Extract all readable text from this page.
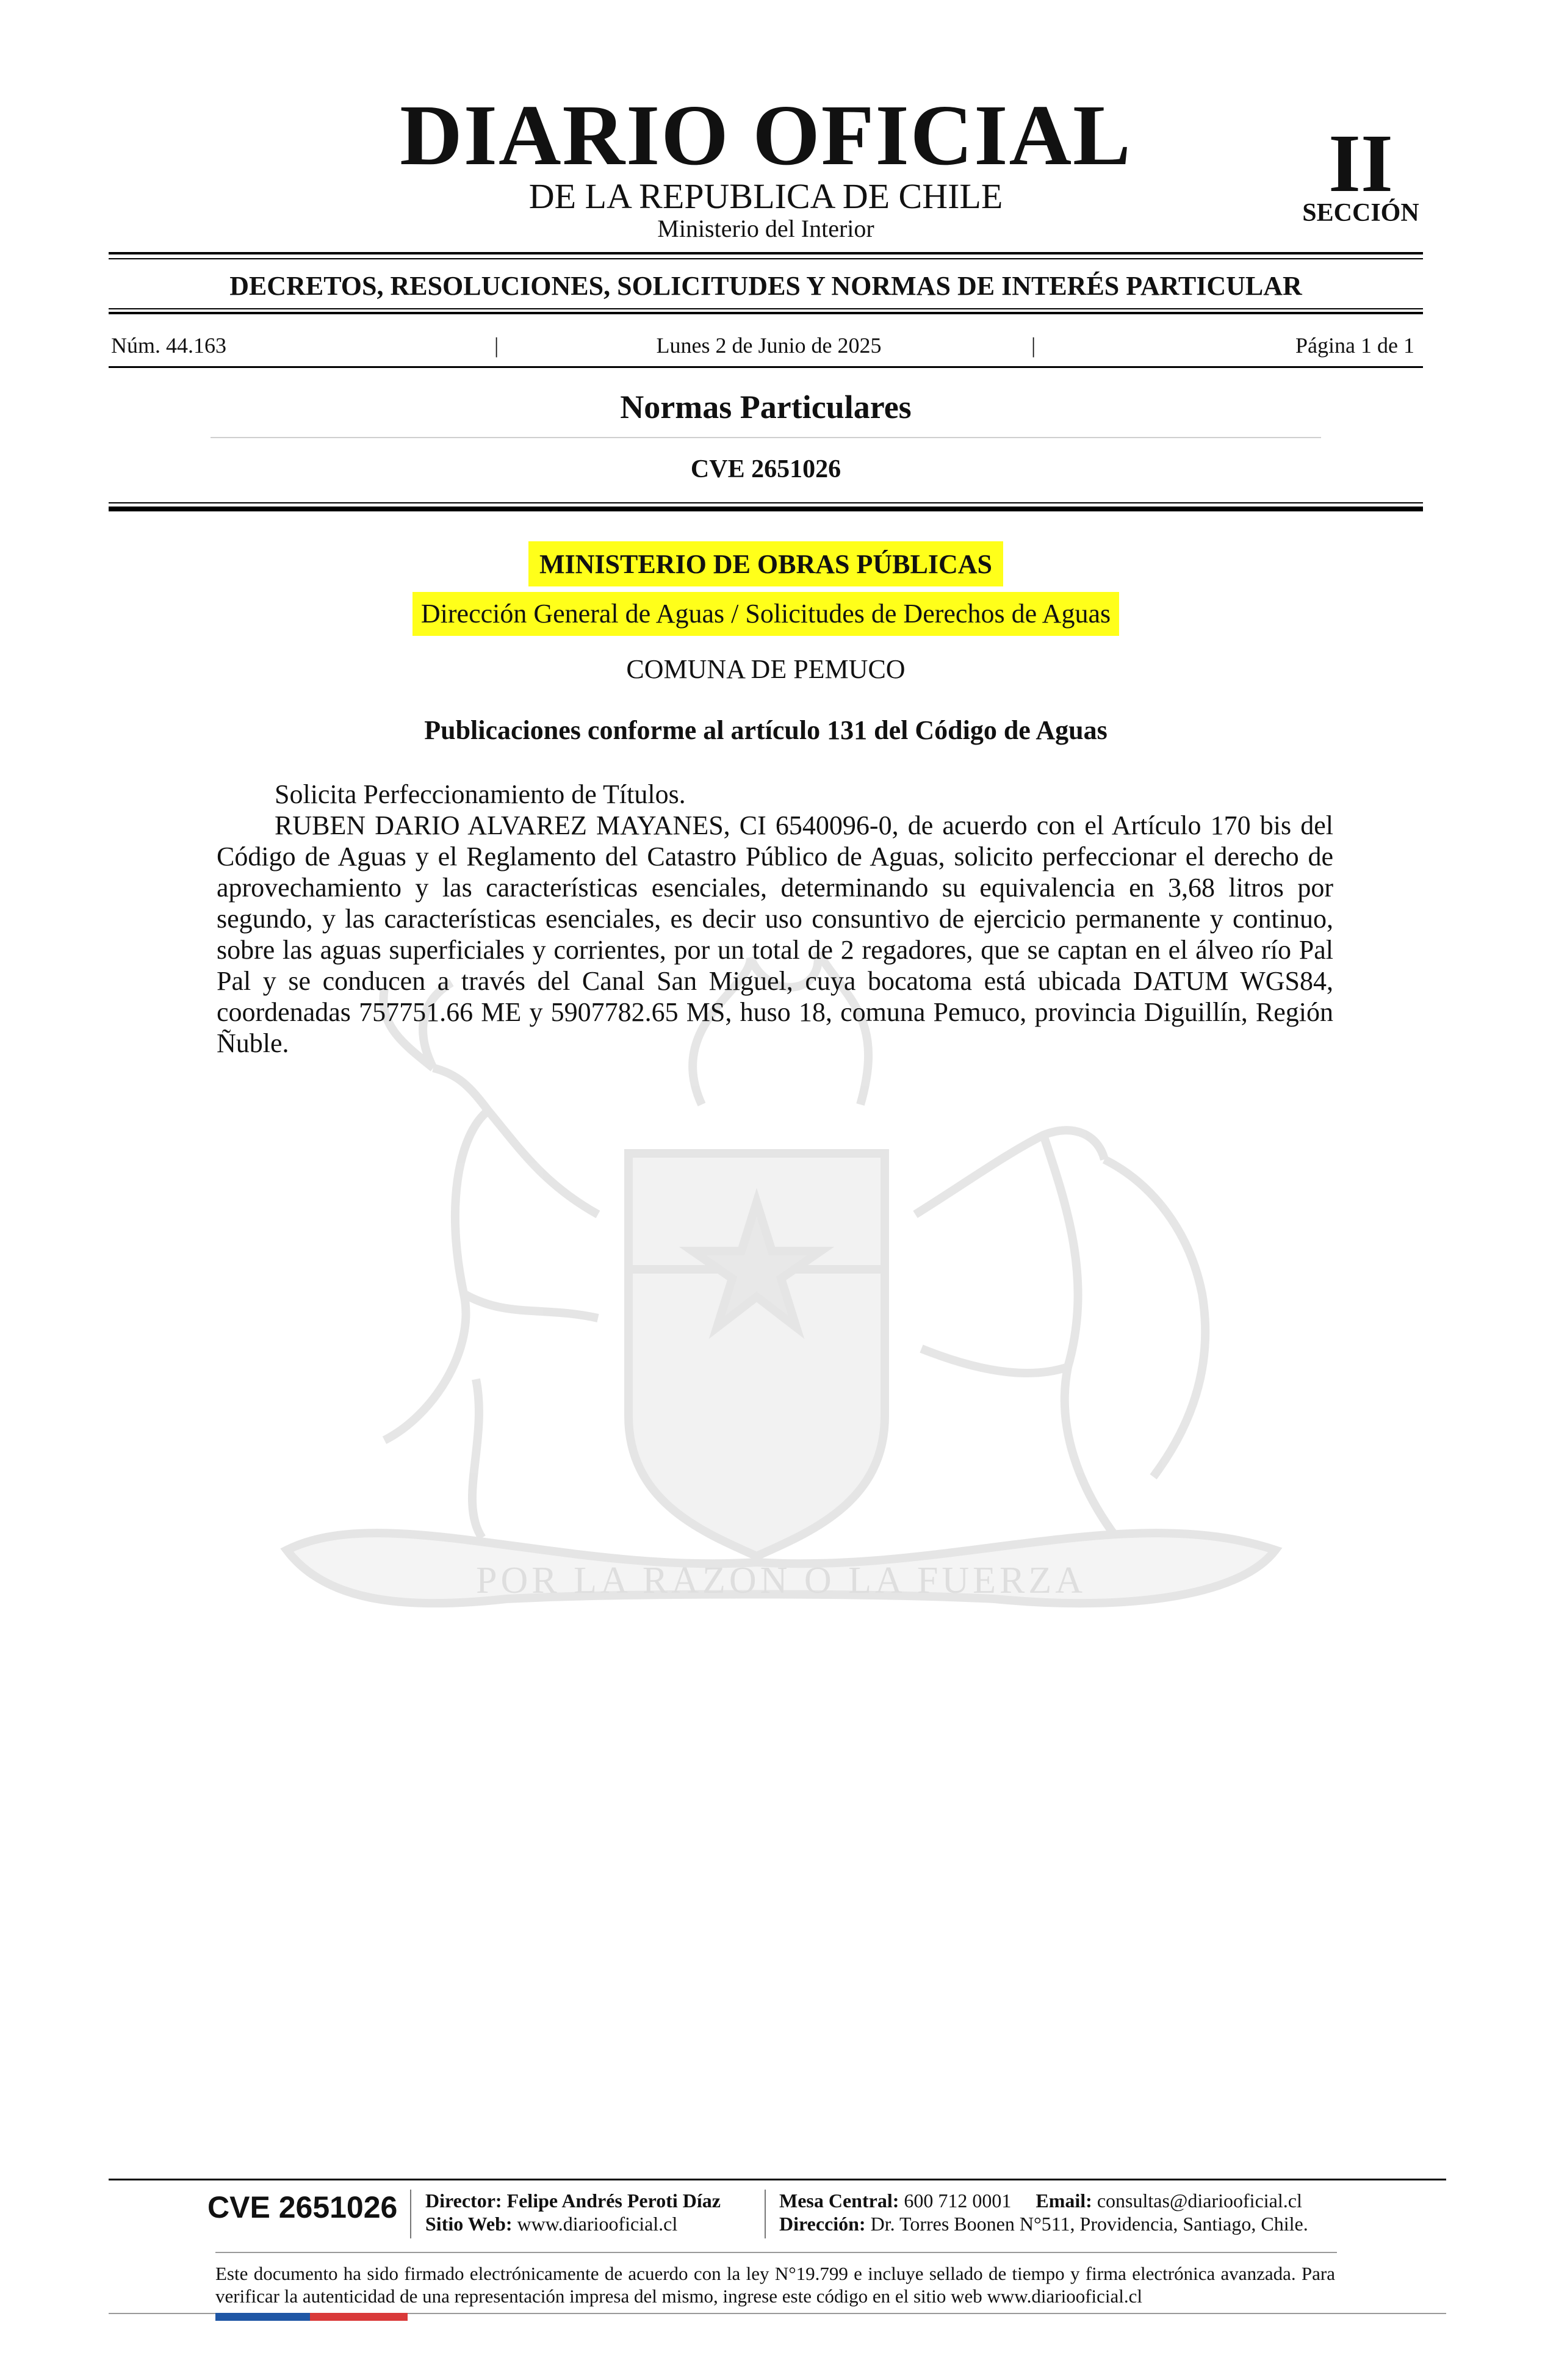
POR LA RAZON O LA FUERZA
DIARIO OFICIAL
DE LA REPUBLICA DE CHILE
Ministerio del Interior
II
SECCIÓN
DECRETOS, RESOLUCIONES, SOLICITUDES Y NORMAS DE INTERÉS PARTICULAR
Núm. 44.163	|	Lunes 2 de Junio de 2025	|	Página 1 de 1
Normas Particulares
CVE 2651026
MINISTERIO DE OBRAS PÚBLICAS
Dirección General de Aguas / Solicitudes de Derechos de Aguas
COMUNA DE PEMUCO
Publicaciones conforme al artículo 131 del Código de Aguas
Solicita Perfeccionamiento de Títulos.
RUBEN DARIO ALVAREZ MAYANES, CI 6540096-0, de acuerdo con el Artículo 170 bis del Código de Aguas y el Reglamento del Catastro Público de Aguas, solicito perfeccionar el derecho de aprovechamiento y las características esenciales, determinando su equivalencia en 3,68 litros por segundo, y las características esenciales, es decir uso consuntivo de ejercicio permanente y continuo, sobre las aguas superficiales y corrientes, por un total de 2 regadores, que se captan en el álveo río Pal Pal y se conducen a través del Canal San Miguel, cuya bocatoma está ubicada DATUM WGS84, coordenadas 757751.66 ME y 5907782.65 MS, huso 18, comuna Pemuco, provincia Diguillín, Región Ñuble.
CVE 2651026 Director: Felipe Andrés Peroti Díaz
Sitio Web: www.diariooficial.cl
Mesa Central: 600 712 0001 Email: consultas@diariooficial.cl
Dirección: Dr. Torres Boonen N°511, Providencia, Santiago, Chile.
Este documento ha sido firmado electrónicamente de acuerdo con la ley N°19.799 e incluye sellado de tiempo y firma electrónica avanzada. Para verificar la autenticidad de una representación impresa del mismo, ingrese este código en el sitio web www.diariooficial.cl
